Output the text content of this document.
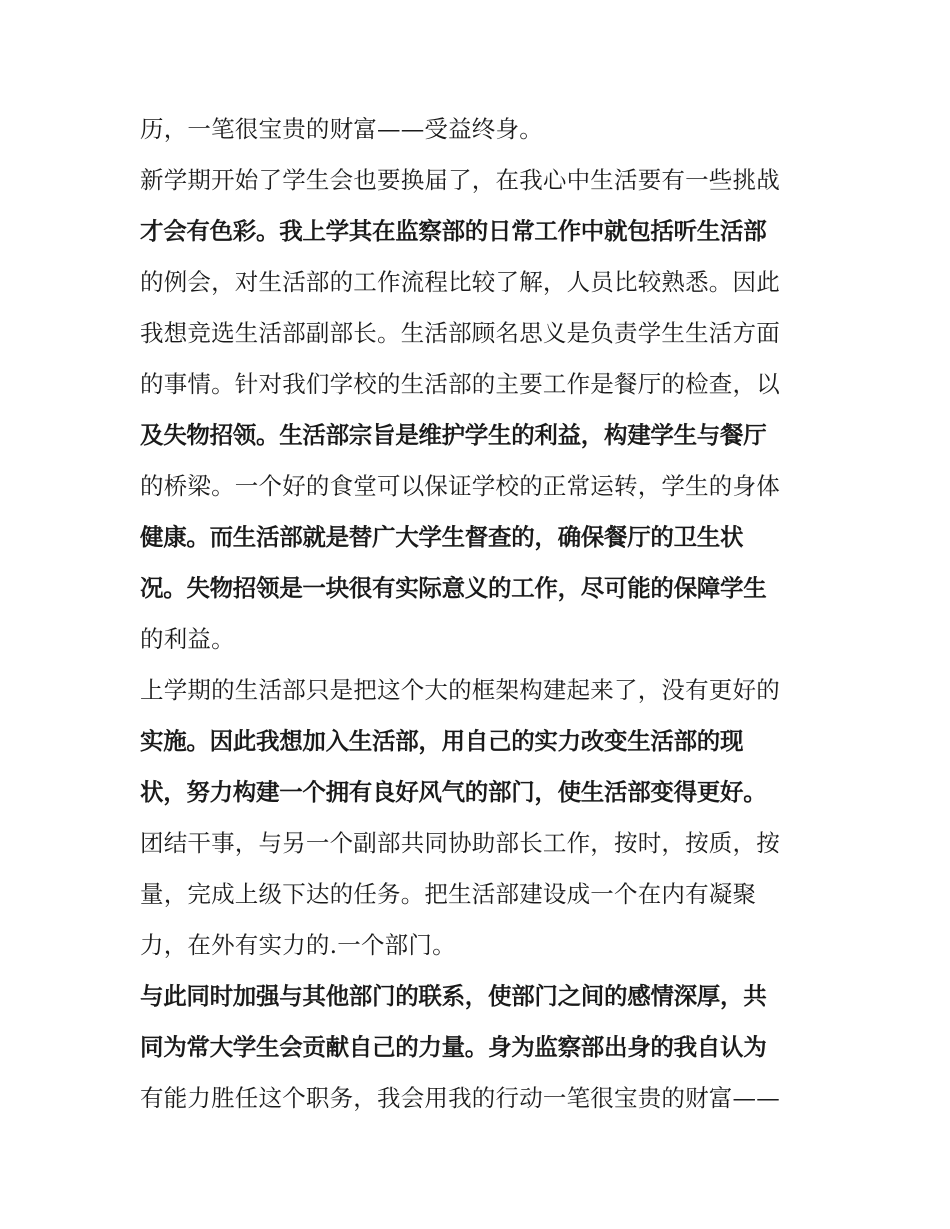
历，一笔很宝贵的财富——受益终身。
新学期开始了学生会也要换届了，在我心中生活要有一些挑战
才会有色彩。我上学其在监察部的日常工作中就包括听生活部
的例会，对生活部的工作流程比较了解，人员比较熟悉。因此
我想竞选生活部副部长。生活部顾名思义是负责学生生活方面
的事情。针对我们学校的生活部的主要工作是餐厅的检查，以
及失物招领。生活部宗旨是维护学生的利益，构建学生与餐厅
的桥梁。一个好的食堂可以保证学校的正常运转，学生的身体
健康。而生活部就是替广大学生督查的，确保餐厅的卫生状
况。失物招领是一块很有实际意义的工作，尽可能的保障学生
的利益。
上学期的生活部只是把这个大的框架构建起来了，没有更好的
实施。因此我想加入生活部，用自己的实力改变生活部的现
状，努力构建一个拥有良好风气的部门，使生活部变得更好。
团结干事，与另一个副部共同协助部长工作，按时，按质，按
量，完成上级下达的任务。把生活部建设成一个在内有凝聚
力，在外有实力的.一个部门。
与此同时加强与其他部门的联系，使部门之间的感情深厚，共
同为常大学生会贡献自己的力量。身为监察部出身的我自认为
有能力胜任这个职务，我会用我的行动一笔很宝贵的财富——
